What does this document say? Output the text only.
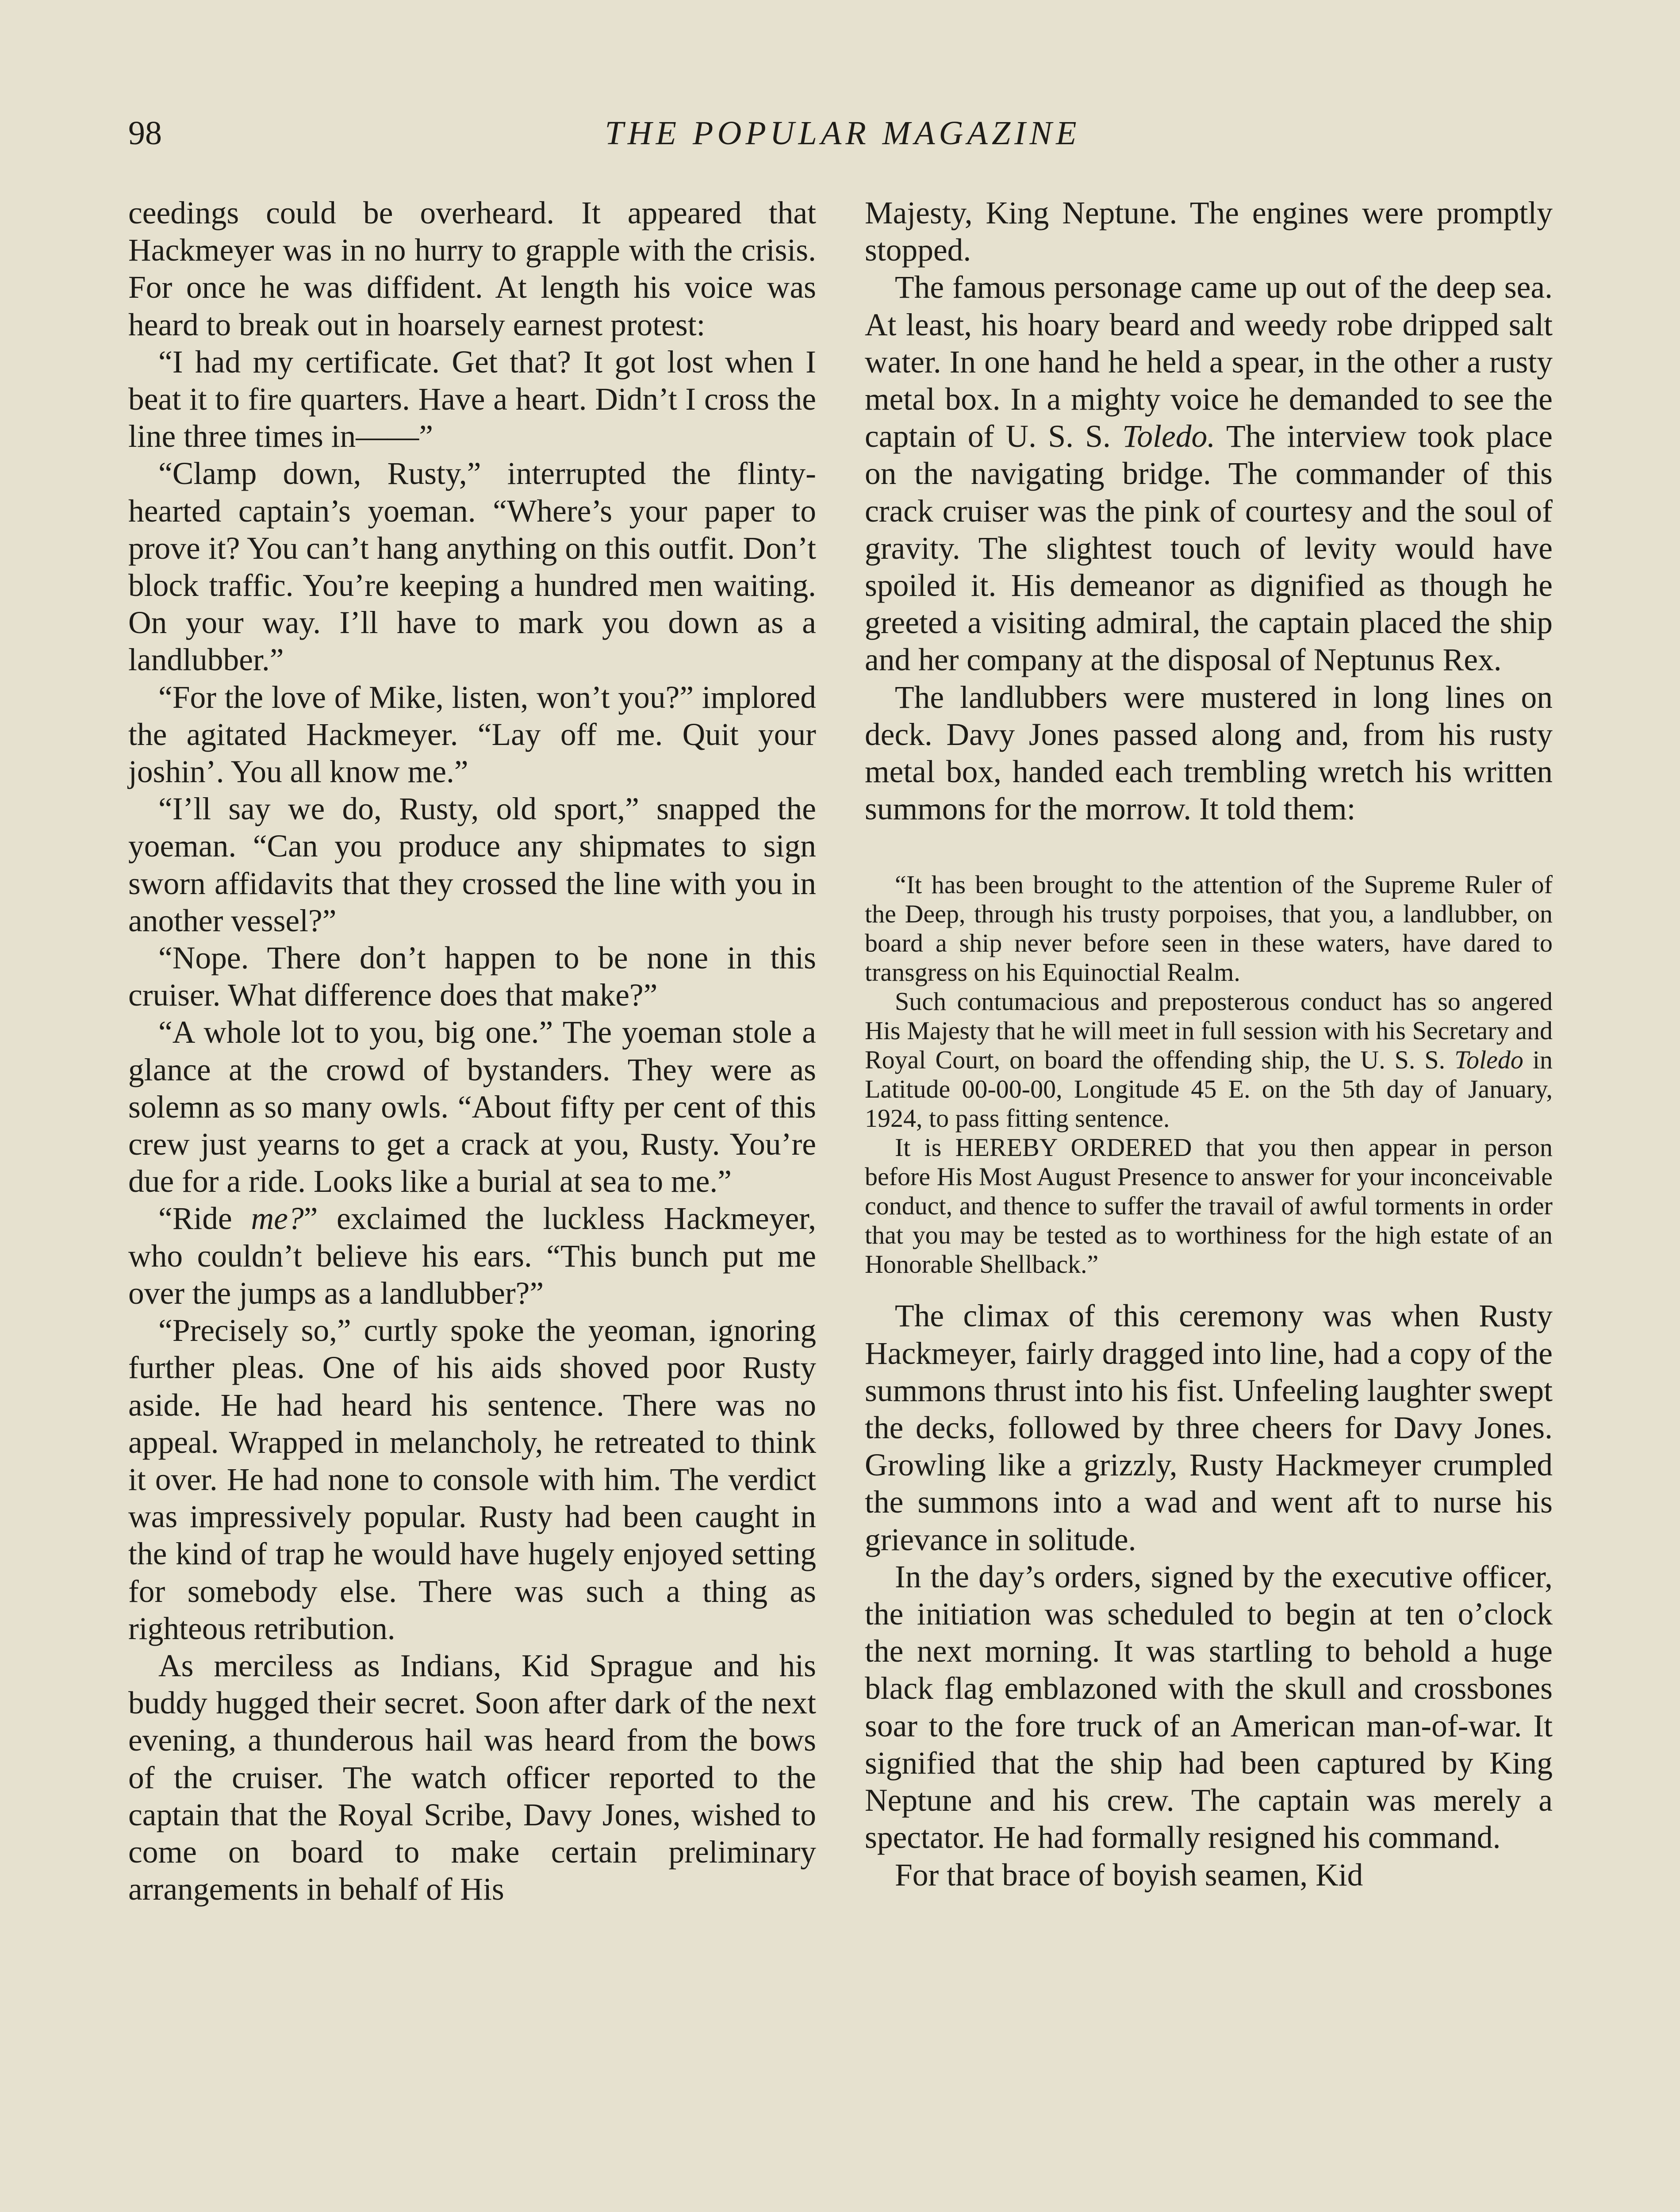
98	THE POPULAR MAGAZINE

ceedings could be overheard. It appeared that Hackmeyer was in no hurry to grapple with the crisis. For once he was diffident. At length his voice was heard to break out in hoarsely earnest protest:

“I had my certificate. Get that? It got lost when I beat it to fire quarters. Have a heart. Didn’t I cross the line three times in——”

“Clamp down, Rusty,” interrupted the flinty-hearted captain’s yoeman. “Where’s your paper to prove it? You can’t hang anything on this outfit. Don’t block traffic. You’re keeping a hundred men waiting. On your way. I’ll have to mark you down as a landlubber.”

“For the love of Mike, listen, won’t you?” implored the agitated Hackmeyer. “Lay off me. Quit your joshin’. You all know me.”

“I’ll say we do, Rusty, old sport,” snapped the yoeman. “Can you produce any shipmates to sign sworn affidavits that they crossed the line with you in another vessel?”

“Nope. There don’t happen to be none in this cruiser. What difference does that make?”

“A whole lot to you, big one.” The yoeman stole a glance at the crowd of bystanders. They were as solemn as so many owls. “About fifty per cent of this crew just yearns to get a crack at you, Rusty. You’re due for a ride. Looks like a burial at sea to me.”

“Ride me?” exclaimed the luckless Hackmeyer, who couldn’t believe his ears. “This bunch put me over the jumps as a landlubber?”

“Precisely so,” curtly spoke the yeoman, ignoring further pleas. One of his aids shoved poor Rusty aside. He had heard his sentence. There was no appeal. Wrapped in melancholy, he retreated to think it over. He had none to console with him. The verdict was impressively popular. Rusty had been caught in the kind of trap he would have hugely enjoyed setting for somebody else. There was such a thing as righteous retribution.

As merciless as Indians, Kid Sprague and his buddy hugged their secret. Soon after dark of the next evening, a thunderous hail was heard from the bows of the cruiser. The watch officer reported to the captain that the Royal Scribe, Davy Jones, wished to come on board to make certain preliminary arrangements in behalf of His

Majesty, King Neptune. The engines were promptly stopped.

The famous personage came up out of the deep sea. At least, his hoary beard and weedy robe dripped salt water. In one hand he held a spear, in the other a rusty metal box. In a mighty voice he demanded to see the captain of U. S. S. Toledo. The interview took place on the navigating bridge. The commander of this crack cruiser was the pink of courtesy and the soul of gravity. The slightest touch of levity would have spoiled it. His demeanor as dignified as though he greeted a visiting admiral, the captain placed the ship and her company at the disposal of Neptunus Rex.

The landlubbers were mustered in long lines on deck. Davy Jones passed along and, from his rusty metal box, handed each trembling wretch his written summons for the morrow. It told them:

“It has been brought to the attention of the Supreme Ruler of the Deep, through his trusty porpoises, that you, a landlubber, on board a ship never before seen in these waters, have dared to transgress on his Equinoctial Realm.

Such contumacious and preposterous conduct has so angered His Majesty that he will meet in full session with his Secretary and Royal Court, on board the offending ship, the U. S. S. Toledo in Latitude 00-00-00, Longitude 45 E. on the 5th day of January, 1924, to pass fitting sentence.

It is HEREBY ORDERED that you then appear in person before His Most August Presence to answer for your inconceivable conduct, and thence to suffer the travail of awful torments in order that you may be tested as to worthiness for the high estate of an Honorable Shellback.”

The climax of this ceremony was when Rusty Hackmeyer, fairly dragged into line, had a copy of the summons thrust into his fist. Unfeeling laughter swept the decks, followed by three cheers for Davy Jones. Growling like a grizzly, Rusty Hackmeyer crumpled the summons into a wad and went aft to nurse his grievance in solitude.

In the day’s orders, signed by the executive officer, the initiation was scheduled to begin at ten o’clock the next morning. It was startling to behold a huge black flag emblazoned with the skull and crossbones soar to the fore truck of an American man-of-war. It signified that the ship had been captured by King Neptune and his crew. The captain was merely a spectator. He had formally resigned his command.

For that brace of boyish seamen, Kid
